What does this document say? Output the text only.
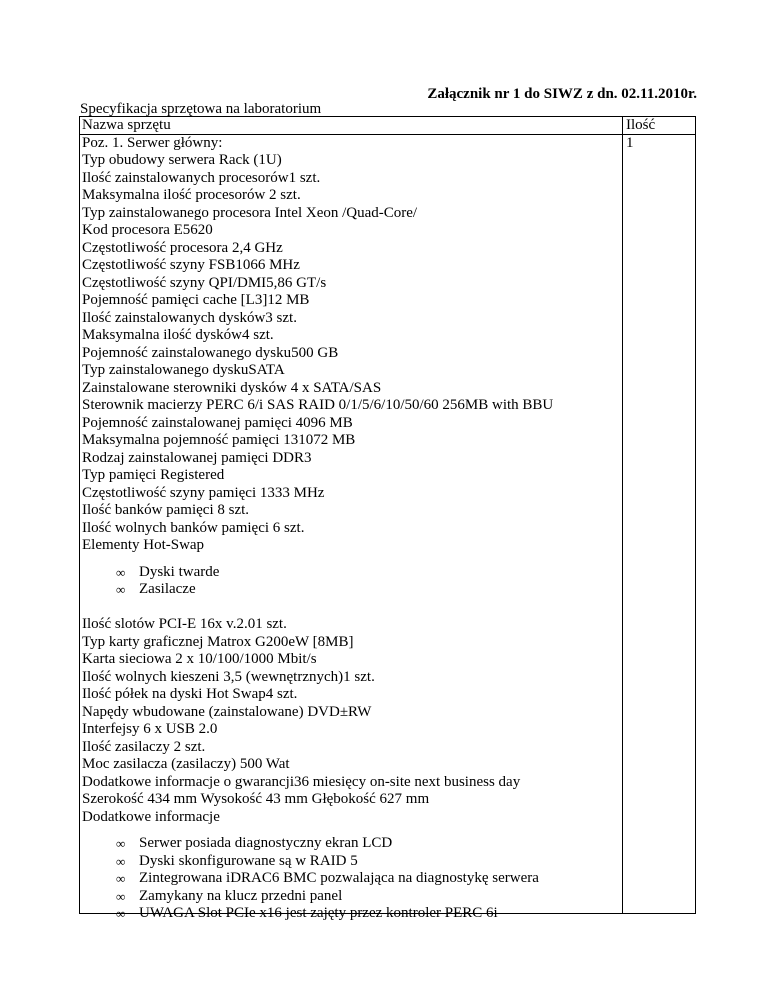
Załącznik nr 1 do SIWZ z dn. 02.11.2010r.
Specyfikacja sprzętowa na laboratorium
Nazwa sprzętu
Poz. 1. Serwer główny:
Typ obudowy serwera Rack (1U)
Ilość zainstalowanych procesorów1 szt.
Maksymalna ilość procesorów 2 szt.
Typ zainstalowanego procesora Intel Xeon /Quad-Core/
Kod procesora E5620
Częstotliwość procesora 2,4 GHz
Częstotliwość szyny FSB1066 MHz
Częstotliwość szyny QPI/DMI5,86 GT/s
Pojemność pamięci cache [L3]12 MB
Ilość zainstalowanych dysków3 szt.
Maksymalna ilość dysków4 szt.
Pojemność zainstalowanego dysku500 GB
Typ zainstalowanego dyskuSATA
Zainstalowane sterowniki dysków 4 x SATA/SAS
Sterownik macierzy PERC 6/i SAS RAID 0/1/5/6/10/50/60 256MB with BBU
Pojemność zainstalowanej pamięci 4096 MB
Maksymalna pojemność pamięci 131072 MB
Rodzaj zainstalowanej pamięci DDR3
Typ pamięci Registered
Częstotliwość szyny pamięci 1333 MHz
Ilość banków pamięci 8 szt.
Ilość wolnych banków pamięci 6 szt.
Elementy Hot-Swap
∞ Dyski twarde
∞ Zasilacze
Ilość slotów PCI-E 16x v.2.01 szt.
Typ karty graficznej Matrox G200eW [8MB]
Karta sieciowa 2 x 10/100/1000 Mbit/s
Ilość wolnych kieszeni 3,5 (wewnętrznych)1 szt.
Ilość półek na dyski Hot Swap4 szt.
Napędy wbudowane (zainstalowane) DVD±RW
Interfejsy 6 x USB 2.0
Ilość zasilaczy 2 szt.
Moc zasilacza (zasilaczy) 500 Wat
Dodatkowe informacje o gwarancji36 miesięcy on-site next business day
Szerokość 434 mm Wysokość 43 mm Głębokość 627 mm
Dodatkowe informacje
∞ Serwer posiada diagnostyczny ekran LCD
∞ Dyski skonfigurowane są w RAID 5
∞ Zintegrowana iDRAC6 BMC pozwalająca na diagnostykę serwera
∞ Zamykany na klucz przedni panel
∞ UWAGA Slot PCIe x16 jest zajęty przez kontroler PERC 6i
Ilość
1
